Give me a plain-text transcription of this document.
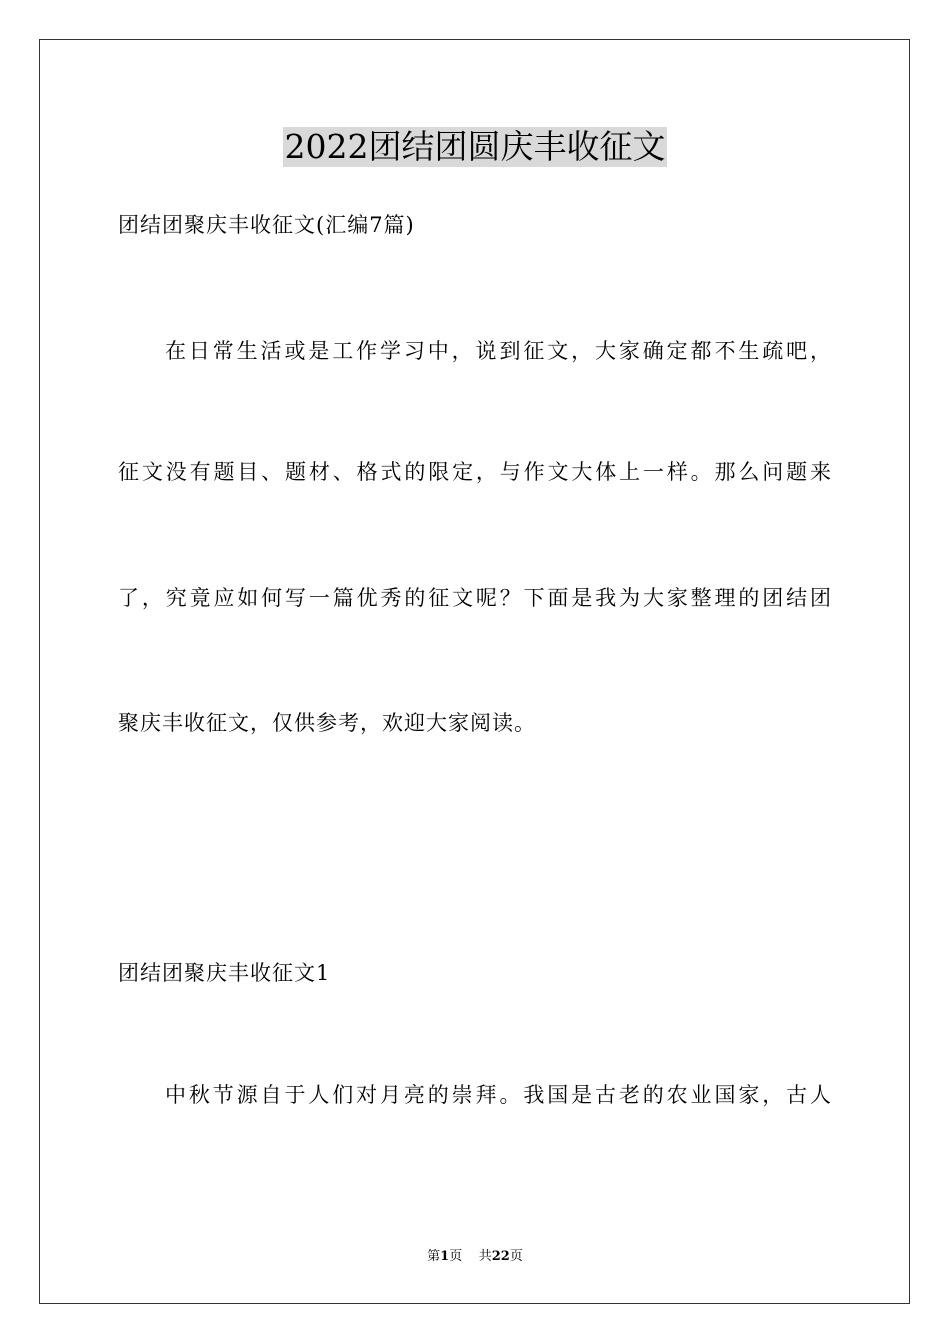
2022团结团圆庆丰收征文

团结团聚庆丰收征文(汇编7篇)

在日常生活或是工作学习中，说到征文，大家确定都不生疏吧，

征文没有题目、题材、格式的限定，与作文大体上一样。那么问题来

了，究竟应如何写一篇优秀的征文呢？下面是我为大家整理的团结团

聚庆丰收征文，仅供参考，欢迎大家阅读。

团结团聚庆丰收征文1

中秋节源自于人们对月亮的崇拜。我国是古老的农业国家，古人

第1页 共22页
